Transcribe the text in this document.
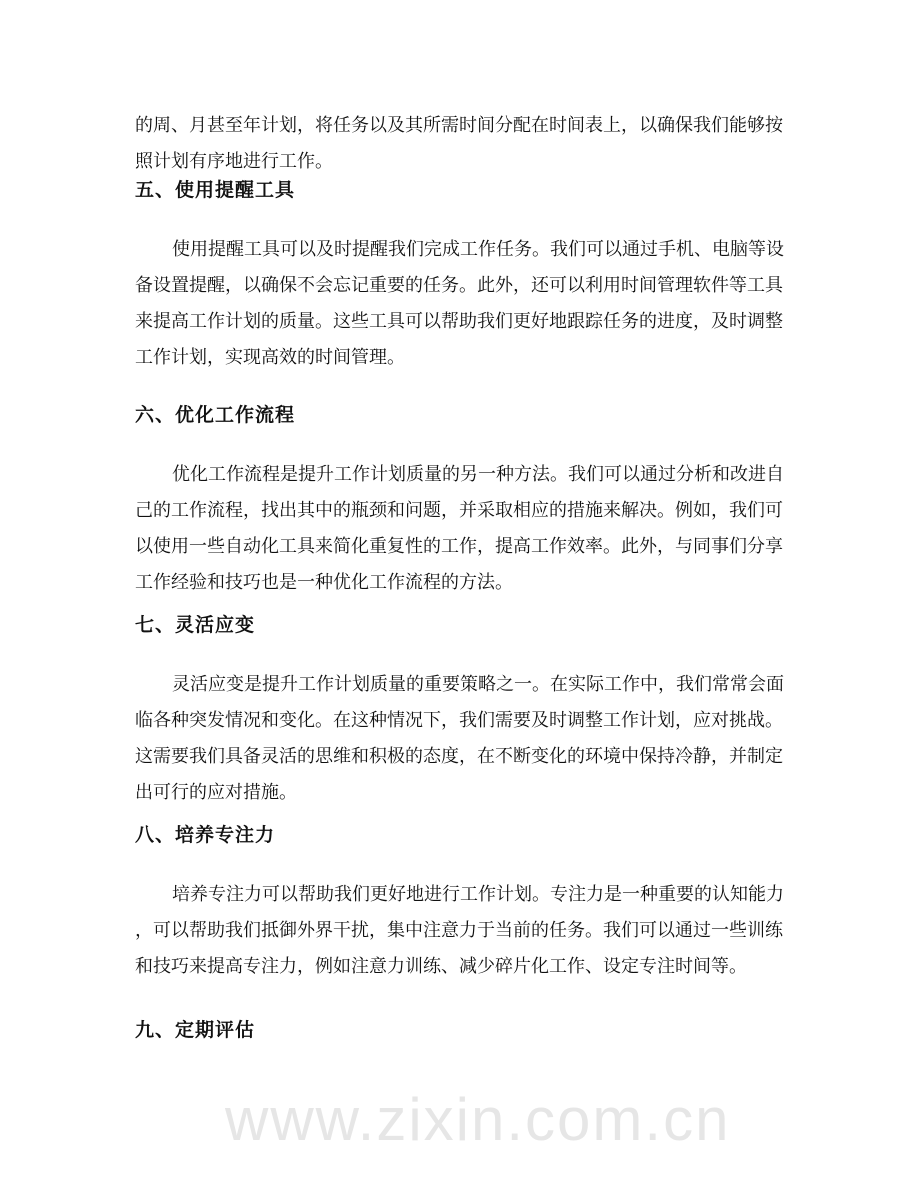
www.zixin.com.cn
的周、月甚至年计划，将任务以及其所需时间分配在时间表上，以确保我们能够按
照计划有序地进行工作。
五、使用提醒工具
使用提醒工具可以及时提醒我们完成工作任务。我们可以通过手机、电脑等设
备设置提醒，以确保不会忘记重要的任务。此外，还可以利用时间管理软件等工具
来提高工作计划的质量。这些工具可以帮助我们更好地跟踪任务的进度，及时调整
工作计划，实现高效的时间管理。
六、优化工作流程
优化工作流程是提升工作计划质量的另一种方法。我们可以通过分析和改进自
己的工作流程，找出其中的瓶颈和问题，并采取相应的措施来解决。例如，我们可
以使用一些自动化工具来简化重复性的工作，提高工作效率。此外，与同事们分享
工作经验和技巧也是一种优化工作流程的方法。
七、灵活应变
灵活应变是提升工作计划质量的重要策略之一。在实际工作中，我们常常会面
临各种突发情况和变化。在这种情况下，我们需要及时调整工作计划，应对挑战。
这需要我们具备灵活的思维和积极的态度，在不断变化的环境中保持冷静，并制定
出可行的应对措施。
八、培养专注力
培养专注力可以帮助我们更好地进行工作计划。专注力是一种重要的认知能力
，可以帮助我们抵御外界干扰，集中注意力于当前的任务。我们可以通过一些训练
和技巧来提高专注力，例如注意力训练、减少碎片化工作、设定专注时间等。
九、定期评估
